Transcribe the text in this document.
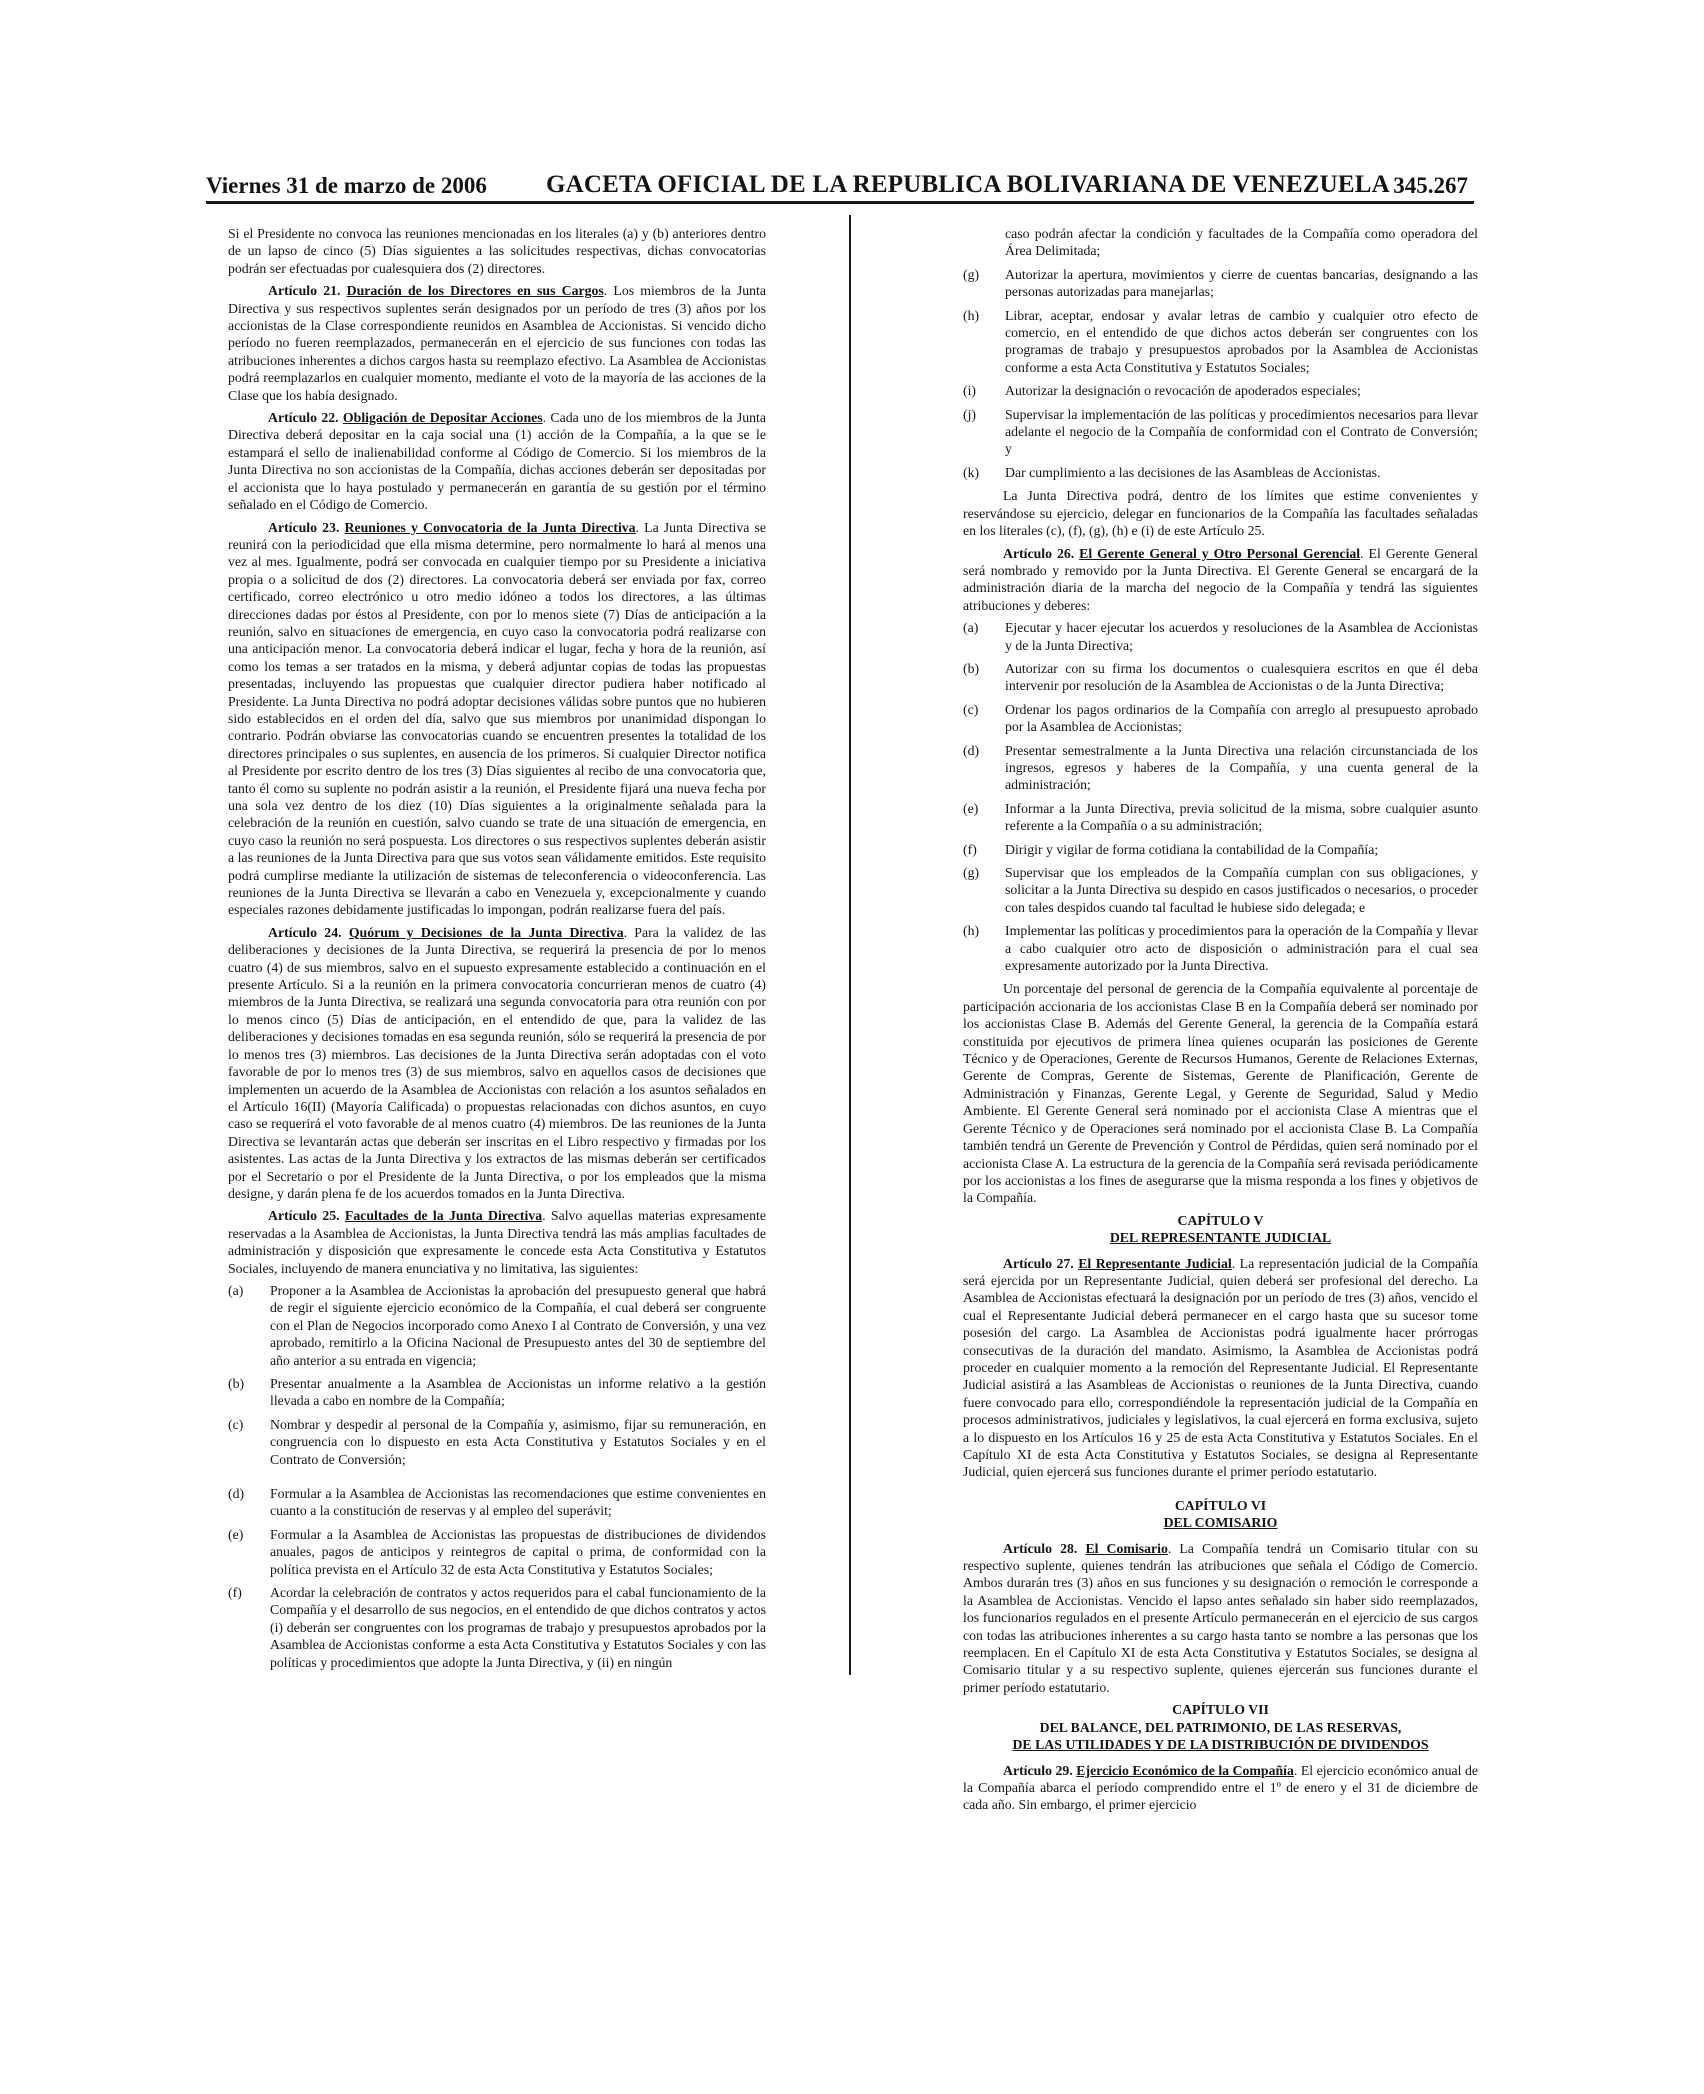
Viernes 31 de marzo de 2006 GACETA OFICIAL DE LA REPUBLICA BOLIVARIANA DE VENEZUELA 345.267

Si el Presidente no convoca las reuniones mencionadas en los literales (a) y (b) anteriores dentro de un lapso de cinco (5) Días siguientes a las solicitudes respectivas, dichas convocatorias podrán ser efectuadas por cualesquiera dos (2) directores.

Artículo 21. Duración de los Directores en sus Cargos. Los miembros de la Junta Directiva y sus respectivos suplentes serán designados por un período de tres (3) años por los accionistas de la Clase correspondiente reunidos en Asamblea de Accionistas. Si vencido dicho período no fueren reemplazados, permanecerán en el ejercicio de sus funciones con todas las atribuciones inherentes a dichos cargos hasta su reemplazo efectivo. La Asamblea de Accionistas podrá reemplazarlos en cualquier momento, mediante el voto de la mayoría de las acciones de la Clase que los había designado.

Artículo 22. Obligación de Depositar Acciones. Cada uno de los miembros de la Junta Directiva deberá depositar en la caja social una (1) acción de la Compañía, a la que se le estampará el sello de inalienabilidad conforme al Código de Comercio. Si los miembros de la Junta Directiva no son accionistas de la Compañía, dichas acciones deberán ser depositadas por el accionista que lo haya postulado y permanecerán en garantía de su gestión por el término señalado en el Código de Comercio.

Artículo 23. Reuniones y Convocatoria de la Junta Directiva. La Junta Directiva se reunirá con la periodicidad que ella misma determine, pero normalmente lo hará al menos una vez al mes. Igualmente, podrá ser convocada en cualquier tiempo por su Presidente a iniciativa propia o a solicitud de dos (2) directores. La convocatoria deberá ser enviada por fax, correo certificado, correo electrónico u otro medio idóneo a todos los directores, a las últimas direcciones dadas por éstos al Presidente, con por lo menos siete (7) Días de anticipación a la reunión, salvo en situaciones de emergencia, en cuyo caso la convocatoria podrá realizarse con una anticipación menor. La convocatoria deberá indicar el lugar, fecha y hora de la reunión, así como los temas a ser tratados en la misma, y deberá adjuntar copias de todas las propuestas presentadas, incluyendo las propuestas que cualquier director pudiera haber notificado al Presidente. La Junta Directiva no podrá adoptar decisiones válidas sobre puntos que no hubieren sido establecidos en el orden del día, salvo que sus miembros por unanimidad dispongan lo contrario. Podrán obviarse las convocatorias cuando se encuentren presentes la totalidad de los directores principales o sus suplentes, en ausencia de los primeros. Si cualquier Director notifica al Presidente por escrito dentro de los tres (3) Días siguientes al recibo de una convocatoria que, tanto él como su suplente no podrán asistir a la reunión, el Presidente fijará una nueva fecha por una sola vez dentro de los diez (10) Días siguientes a la originalmente señalada para la celebración de la reunión en cuestión, salvo cuando se trate de una situación de emergencia, en cuyo caso la reunión no será pospuesta. Los directores o sus respectivos suplentes deberán asistir a las reuniones de la Junta Directiva para que sus votos sean válidamente emitidos. Este requisito podrá cumplirse mediante la utilización de sistemas de teleconferencia o videoconferencia. Las reuniones de la Junta Directiva se llevarán a cabo en Venezuela y, excepcionalmente y cuando especiales razones debidamente justificadas lo impongan, podrán realizarse fuera del país.

Artículo 24. Quórum y Decisiones de la Junta Directiva. Para la validez de las deliberaciones y decisiones de la Junta Directiva, se requerirá la presencia de por lo menos cuatro (4) de sus miembros, salvo en el supuesto expresamente establecido a continuación en el presente Artículo. Si a la reunión en la primera convocatoria concurrieran menos de cuatro (4) miembros de la Junta Directiva, se realizará una segunda convocatoria para otra reunión con por lo menos cinco (5) Días de anticipación, en el entendido de que, para la validez de las deliberaciones y decisiones tomadas en esa segunda reunión, sólo se requerirá la presencia de por lo menos tres (3) miembros. Las decisiones de la Junta Directiva serán adoptadas con el voto favorable de por lo menos tres (3) de sus miembros, salvo en aquellos casos de decisiones que implementen un acuerdo de la Asamblea de Accionistas con relación a los asuntos señalados en el Artículo 16(II) (Mayoría Calificada) o propuestas relacionadas con dichos asuntos, en cuyo caso se requerirá el voto favorable de al menos cuatro (4) miembros. De las reuniones de la Junta Directiva se levantarán actas que deberán ser inscritas en el Libro respectivo y firmadas por los asistentes. Las actas de la Junta Directiva y los extractos de las mismas deberán ser certificados por el Secretario o por el Presidente de la Junta Directiva, o por los empleados que la misma designe, y darán plena fe de los acuerdos tomados en la Junta Directiva.

Artículo 25. Facultades de la Junta Directiva. Salvo aquellas materias expresamente reservadas a la Asamblea de Accionistas, la Junta Directiva tendrá las más amplias facultades de administración y disposición que expresamente le concede esta Acta Constitutiva y Estatutos Sociales, incluyendo de manera enunciativa y no limitativa, las siguientes:

(a)	Proponer a la Asamblea de Accionistas la aprobación del presupuesto general que habrá de regir el siguiente ejercicio económico de la Compañía, el cual deberá ser congruente con el Plan de Negocios incorporado como Anexo I al Contrato de Conversión, y una vez aprobado, remitirlo a la Oficina Nacional de Presupuesto antes del 30 de septiembre del año anterior a su entrada en vigencia;
(b)	Presentar anualmente a la Asamblea de Accionistas un informe relativo a la gestión llevada a cabo en nombre de la Compañía;
(c)	Nombrar y despedir al personal de la Compañía y, asimismo, fijar su remuneración, en congruencia con lo dispuesto en esta Acta Constitutiva y Estatutos Sociales y en el Contrato de Conversión;
(d)	Formular a la Asamblea de Accionistas las recomendaciones que estime convenientes en cuanto a la constitución de reservas y al empleo del superávit;
(e)	Formular a la Asamblea de Accionistas las propuestas de distribuciones de dividendos anuales, pagos de anticipos y reintegros de capital o prima, de conformidad con la política prevista en el Artículo 32 de esta Acta Constitutiva y Estatutos Sociales;
(f)	Acordar la celebración de contratos y actos requeridos para el cabal funcionamiento de la Compañía y el desarrollo de sus negocios, en el entendido de que dichos contratos y actos (i) deberán ser congruentes con los programas de trabajo y presupuestos aprobados por la Asamblea de Accionistas conforme a esta Acta Constitutiva y Estatutos Sociales y con las políticas y procedimientos que adopte la Junta Directiva, y (ii) en ningún
caso podrán afectar la condición y facultades de la Compañía como operadora del Área Delimitada;
(g)	Autorizar la apertura, movimientos y cierre de cuentas bancarias, designando a las personas autorizadas para manejarlas;
(h)	Librar, aceptar, endosar y avalar letras de cambio y cualquier otro efecto de comercio, en el entendido de que dichos actos deberán ser congruentes con los programas de trabajo y presupuestos aprobados por la Asamblea de Accionistas conforme a esta Acta Constitutiva y Estatutos Sociales;
(i)	Autorizar la designación o revocación de apoderados especiales;
(j)	Supervisar la implementación de las políticas y procedimientos necesarios para llevar adelante el negocio de la Compañía de conformidad con el Contrato de Conversión; y
(k)	Dar cumplimiento a las decisiones de las Asambleas de Accionistas.

La Junta Directiva podrá, dentro de los límites que estime convenientes y reservándose su ejercicio, delegar en funcionarios de la Compañía las facultades señaladas en los literales (c), (f), (g), (h) e (i) de este Artículo 25.

Artículo 26. El Gerente General y Otro Personal Gerencial. El Gerente General será nombrado y removido por la Junta Directiva. El Gerente General se encargará de la administración diaria de la marcha del negocio de la Compañía y tendrá las siguientes atribuciones y deberes:

(a)	Ejecutar y hacer ejecutar los acuerdos y resoluciones de la Asamblea de Accionistas y de la Junta Directiva;
(b)	Autorizar con su firma los documentos o cualesquiera escritos en que él deba intervenir por resolución de la Asamblea de Accionistas o de la Junta Directiva;
(c)	Ordenar los pagos ordinarios de la Compañía con arreglo al presupuesto aprobado por la Asamblea de Accionistas;
(d)	Presentar semestralmente a la Junta Directiva una relación circunstanciada de los ingresos, egresos y haberes de la Compañía, y una cuenta general de la administración;
(e)	Informar a la Junta Directiva, previa solicitud de la misma, sobre cualquier asunto referente a la Compañía o a su administración;
(f)	Dirigir y vigilar de forma cotidiana la contabilidad de la Compañía;
(g)	Supervisar que los empleados de la Compañía cumplan con sus obligaciones, y solicitar a la Junta Directiva su despido en casos justificados o necesarios, o proceder con tales despidos cuando tal facultad le hubiese sido delegada; e
(h)	Implementar las políticas y procedimientos para la operación de la Compañía y llevar a cabo cualquier otro acto de disposición o administración para el cual sea expresamente autorizado por la Junta Directiva.

Un porcentaje del personal de gerencia de la Compañía equivalente al porcentaje de participación accionaria de los accionistas Clase B en la Compañía deberá ser nominado por los accionistas Clase B. Además del Gerente General, la gerencia de la Compañía estará constituida por ejecutivos de primera línea quienes ocuparán las posiciones de Gerente Técnico y de Operaciones, Gerente de Recursos Humanos, Gerente de Relaciones Externas, Gerente de Compras, Gerente de Sistemas, Gerente de Planificación, Gerente de Administración y Finanzas, Gerente Legal, y Gerente de Seguridad, Salud y Medio Ambiente. El Gerente General será nominado por el accionista Clase A mientras que el Gerente Técnico y de Operaciones será nominado por el accionista Clase B. La Compañía también tendrá un Gerente de Prevención y Control de Pérdidas, quien será nominado por el accionista Clase A. La estructura de la gerencia de la Compañía será revisada periódicamente por los accionistas a los fines de asegurarse que la misma responda a los fines y objetivos de la Compañía.

CAPÍTULO V
DEL REPRESENTANTE JUDICIAL

Artículo 27. El Representante Judicial. La representación judicial de la Compañía será ejercida por un Representante Judicial, quien deberá ser profesional del derecho. La Asamblea de Accionistas efectuará la designación por un período de tres (3) años, vencido el cual el Representante Judicial deberá permanecer en el cargo hasta que su sucesor tome posesión del cargo. La Asamblea de Accionistas podrá igualmente hacer prórrogas consecutivas de la duración del mandato. Asimismo, la Asamblea de Accionistas podrá proceder en cualquier momento a la remoción del Representante Judicial. El Representante Judicial asistirá a las Asambleas de Accionistas o reuniones de la Junta Directiva, cuando fuere convocado para ello, correspondiéndole la representación judicial de la Compañía en procesos administrativos, judiciales y legislativos, la cual ejercerá en forma exclusiva, sujeto a lo dispuesto en los Artículos 16 y 25 de esta Acta Constitutiva y Estatutos Sociales. En el Capítulo XI de esta Acta Constitutiva y Estatutos Sociales, se designa al Representante Judicial, quien ejercerá sus funciones durante el primer período estatutario.

CAPÍTULO VI
DEL COMISARIO

Artículo 28. El Comisario. La Compañía tendrá un Comisario titular con su respectivo suplente, quienes tendrán las atribuciones que señala el Código de Comercio. Ambos durarán tres (3) años en sus funciones y su designación o remoción le corresponde a la Asamblea de Accionistas. Vencido el lapso antes señalado sin haber sido reemplazados, los funcionarios regulados en el presente Artículo permanecerán en el ejercicio de sus cargos con todas las atribuciones inherentes a su cargo hasta tanto se nombre a las personas que los reemplacen. En el Capítulo XI de esta Acta Constitutiva y Estatutos Sociales, se designa al Comisario titular y a su respectivo suplente, quienes ejercerán sus funciones durante el primer período estatutario.

CAPÍTULO VII
DEL BALANCE, DEL PATRIMONIO, DE LAS RESERVAS,
DE LAS UTILIDADES Y DE LA DISTRIBUCIÓN DE DIVIDENDOS

Artículo 29. Ejercicio Económico de la Compañía. El ejercicio económico anual de la Compañía abarca el período comprendido entre el 1º de enero y el 31 de diciembre de cada año. Sin embargo, el primer ejercicio
